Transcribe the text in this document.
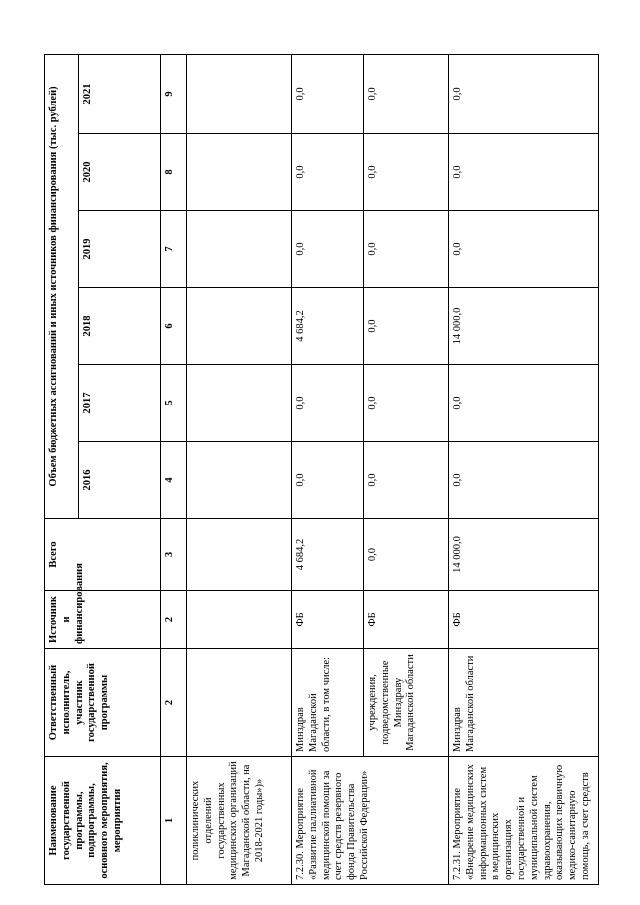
Наименование государственной программы, подпрограммы, основного мероприятия, мероприятия	Ответственный исполнитель, участник государственной программы	Источник и финансирования	Всего	Объем бюджетных ассигнований и иных источников финансирования (тыс. рублей)					
				2016	2017	2018	2019	2020	2021
1	2	2	3	4	5	6	7	8	9
поликлинических отделений государственных медицинских организаций Магаданской области, на 2018-2021 годы»)»									
7.2.30. Мероприятие «Развитие паллиативной медицинской помощи за счет средств резервного фонда Правительства Российской Федерации»	Минздрав Магаданской области, в том числе:	ФБ	4 684,2	0,0	0,0	4 684,2	0,0	0,0	0,0
	учреждения, подведомственные Минздраву Магаданской области	ФБ	0,0	0,0	0,0	0,0	0,0	0,0	0,0
7.2.31. Мероприятие «Внедрение медицинских информационных систем в медицинских организациях государственной и муниципальной систем здравоохранения, оказывающих первичную медико-санитарную помощь, за счет средств	Минздрав Магаданской области	ФБ	14 000,0	0,0	0,0	14 000,0	0,0	0,0	0,0
